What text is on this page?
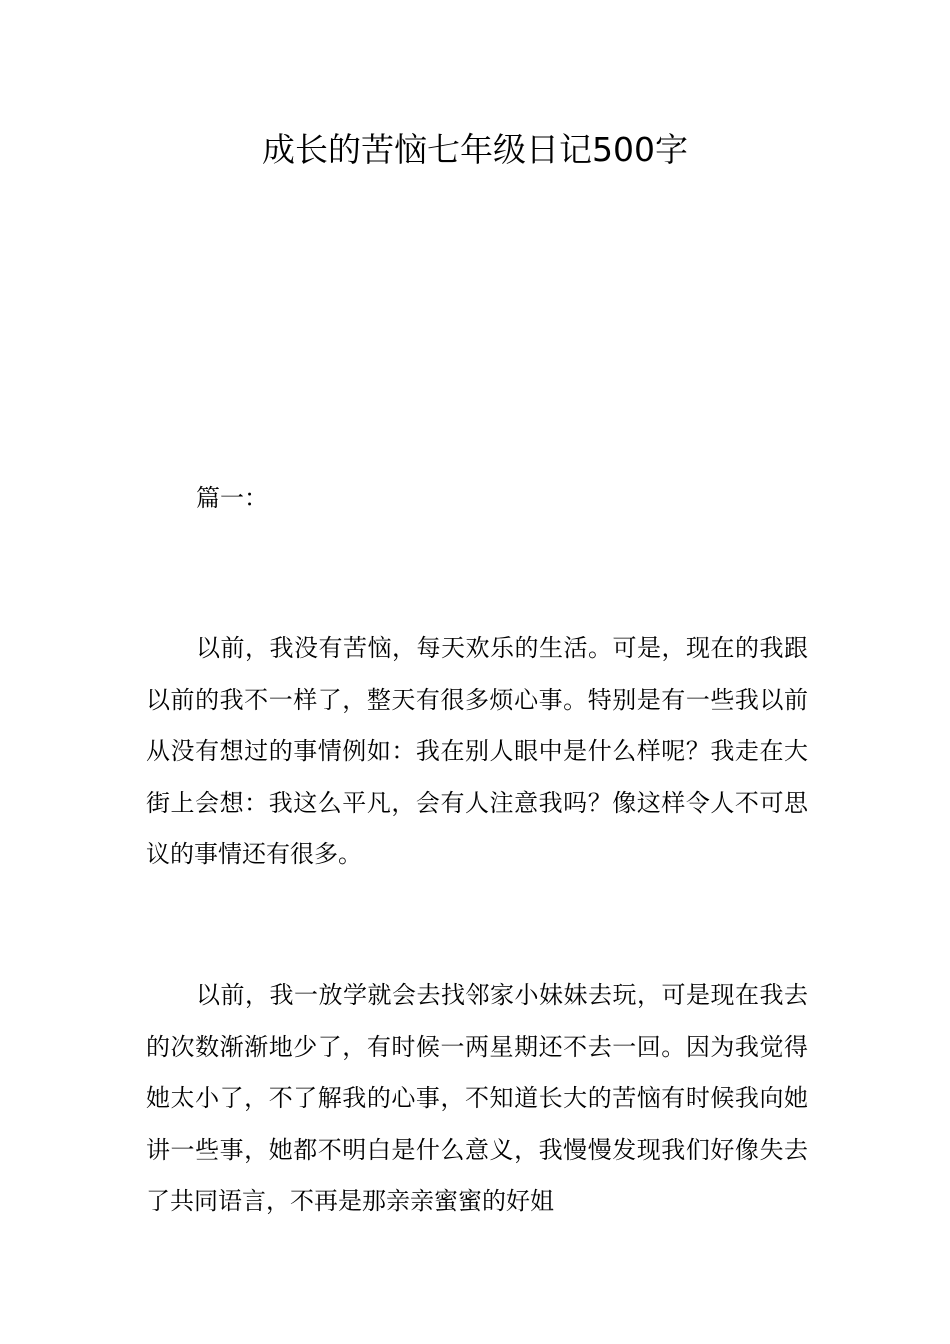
成长的苦恼七年级日记500字

篇一：

以前，我没有苦恼，每天欢乐的生活。可是，现在的我跟以前的我不一样了，整天有很多烦心事。特别是有一些我以前从没有想过的事情例如：我在别人眼中是什么样呢？我走在大街上会想：我这么平凡，会有人注意我吗？像这样令人不可思议的事情还有很多。

以前，我一放学就会去找邻家小妹妹去玩，可是现在我去的次数渐渐地少了，有时候一两星期还不去一回。因为我觉得她太小了，不了解我的心事，不知道长大的苦恼有时候我向她讲一些事，她都不明白是什么意义，我慢慢发现我们好像失去了共同语言，不再是那亲亲蜜蜜的好姐
